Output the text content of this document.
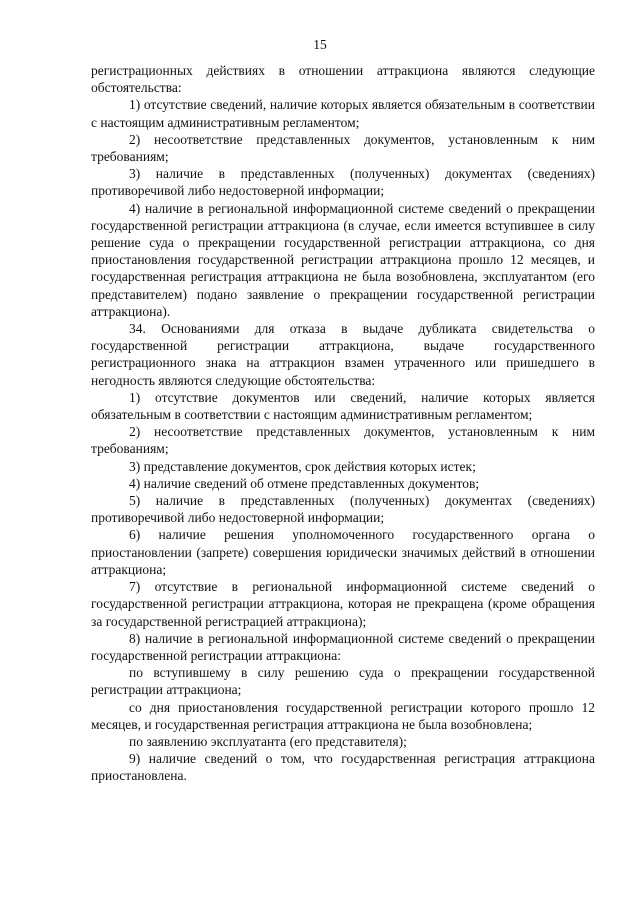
15

регистрационных действиях в отношении аттракциона являются следующие обстоятельства:

1) отсутствие сведений, наличие которых является обязательным в соответствии с настоящим административным регламентом;

2) несоответствие представленных документов, установленным к ним требованиям;

3) наличие в представленных (полученных) документах (сведениях) противоречивой либо недостоверной информации;

4) наличие в региональной информационной системе сведений о прекращении государственной регистрации аттракциона (в случае, если имеется вступившее в силу решение суда о прекращении государственной регистрации аттракциона, со дня приостановления государственной регистрации аттракциона прошло 12 месяцев, и государственная регистрация аттракциона не была возобновлена, эксплуатантом (его представителем) подано заявление о прекращении государственной регистрации аттракциона).

34. Основаниями для отказа в выдаче дубликата свидетельства о государственной регистрации аттракциона, выдаче государственного регистрационного знака на аттракцион взамен утраченного или пришедшего в негодность являются следующие обстоятельства:

1) отсутствие документов или сведений, наличие которых является обязательным в соответствии с настоящим административным регламентом;

2) несоответствие представленных документов, установленным к ним требованиям;

3) представление документов, срок действия которых истек;

4) наличие сведений об отмене представленных документов;

5) наличие в представленных (полученных) документах (сведениях) противоречивой либо недостоверной информации;

6) наличие решения уполномоченного государственного органа о приостановлении (запрете) совершения юридически значимых действий в отношении аттракциона;

7) отсутствие в региональной информационной системе сведений о государственной регистрации аттракциона, которая не прекращена (кроме обращения за государственной регистрацией аттракциона);

8) наличие в региональной информационной системе сведений о прекращении государственной регистрации аттракциона:

по вступившему в силу решению суда о прекращении государственной регистрации аттракциона;

со дня приостановления государственной регистрации которого прошло 12 месяцев, и государственная регистрация аттракциона не была возобновлена;

по заявлению эксплуатанта (его представителя);

9) наличие сведений о том, что государственная регистрация аттракциона приостановлена.
